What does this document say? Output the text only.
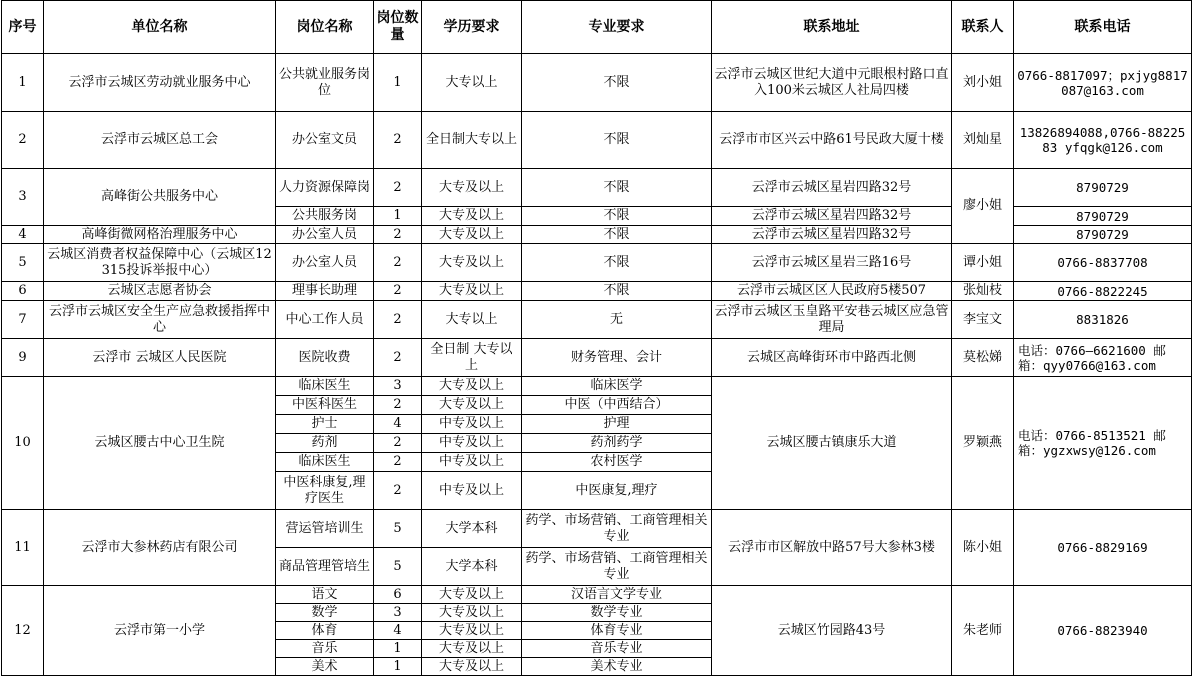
序号	单位名称	岗位名称	岗位数量	学历要求	专业要求	联系地址	联系人	联系电话
1	云浮市云城区劳动就业服务中心	公共就业服务岗位	1	大专以上	不限	云浮市云城区世纪大道中元眼根村路口直入100米云城区人社局四楼	刘小姐	0766-8817097；pxjyg8817087@163.com
2	云浮市云城区总工会	办公室文员	2	全日制大专以上	不限	云浮市市区兴云中路61号民政大厦十楼	刘灿星	13826894088,0766-8822583 yfqgk@126.com
3	高峰街公共服务中心	人力资源保障岗	2	大专及以上	不限	云浮市云城区星岩四路32号	廖小姐	8790729
		公共服务岗	1	大专及以上	不限	云浮市云城区星岩四路32号		8790729
4	高峰街微网格治理服务中心	办公室人员	2	大专及以上	不限	云浮市云城区星岩四路32号		8790729
5	云城区消费者权益保障中心（云城区12315投诉举报中心）	办公室人员	2	大专及以上	不限	云浮市云城区星岩三路16号	谭小姐	0766-8837708
6	云城区志愿者协会	理事长助理	2	大专及以上	不限	云浮市云城区区人民政府5楼507	张灿枝	0766-8822245
7	云浮市云城区安全生产应急救援指挥中心	中心工作人员	2	大专以上	无	云浮市云城区玉皇路平安巷云城区应急管理局	李宝文	8831826
9	云浮市 云城区人民医院	医院收费	2	全日制 大专以上	财务管理、会计	云城区高峰街环市中路西北侧	莫松娣	电话：0766—6621600 邮箱：qyy0766@163.com
10	云城区腰古中心卫生院	临床医生	3	大专及以上	临床医学	云城区腰古镇康乐大道	罗颖燕	电话：0766-8513521 邮箱：ygzxwsy@126.com
		中医科医生	2	大专及以上	中医（中西结合）			
		护士	4	中专及以上	护理			
		药剂	2	中专及以上	药剂药学			
		临床医生	2	中专及以上	农村医学			
		中医科康复,理疗医生	2	中专及以上	中医康复,理疗			
11	云浮市大参林药店有限公司	营运管培训生	5	大学本科	药学、市场营销、工商管理相关专业	云浮市市区解放中路57号大参林3楼	陈小姐	0766-8829169
		商品管理管培生	5	大学本科	药学、市场营销、工商管理相关专业			
12	云浮市第一小学	语文	6	大专及以上	汉语言文学专业	云城区竹园路43号	朱老师	0766-8823940
		数学	3	大专及以上	数学专业			
		体育	4	大专及以上	体育专业			
		音乐	1	大专及以上	音乐专业			
		美术	1	大专及以上	美术专业			
